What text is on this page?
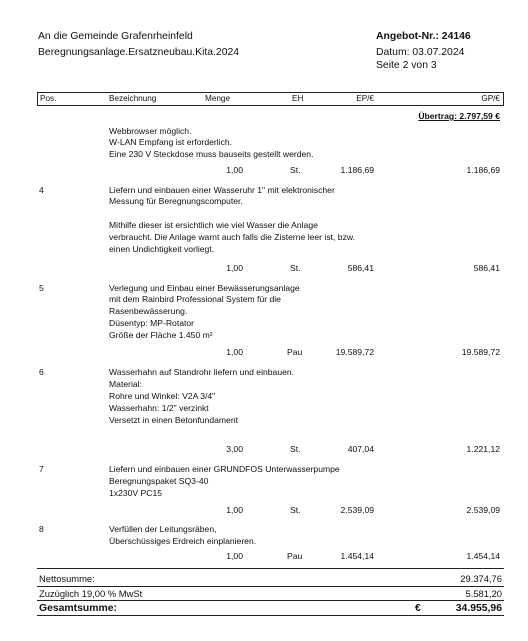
An die Gemeinde Grafenrheinfeld
Beregnungsanlage.Ersatzneubau.Kita.2024
Angebot-Nr.: 24146
Datum: 03.07.2024
Seite 2 von 3
Pos.	Bezeichnung	Menge	EH	EP/€	GP/€
Übertrag: 2.797,59 €
Webbrowser möglich.
W-LAN Empfang ist erforderlich.
Eine 230 V Steckdose muss bauseits gestellt werden.
1,00	St.	1.186,69	1.186,69
4	Liefern und einbauen einer Wasseruhr 1" mit elektronischer
Messung für Beregnungscomputer.
Mithilfe dieser ist ersichtlich wie viel Wasser die Anlage
verbraucht. Die Anlage warnt auch falls die Zisterne leer ist, bzw.
einen Undichtigkeit vorliegt.
1,00	St.	586,41	586,41
5	Verlegung und Einbau einer Bewässerungsanlage
mit dem Rainbird Professional System für die
Rasenbewässerung.
Düsentyp: MP-Rotator
Größe der Fläche 1.450 m²
1,00	Pau	19.589,72	19.589,72
6	Wasserhahn auf Standrohr liefern und einbauen.
Material:
Rohre und Winkel: V2A 3/4"
Wasserhahn: 1/2" verzinkt
Versetzt in einen Betonfundament
3,00	St.	407,04	1.221,12
7	Liefern und einbauen einer GRUNDFOS Unterwasserpumpe
Beregnungspaket SQ3-40
1x230V PC15
1,00	St.	2.539,09	2.539,09
8	Verfüllen der Leitungsräben,
Überschüssiges Erdreich einplanieren.
1,00	Pau	1.454,14	1.454,14
Nettosumme:	29.374,76
Zuzüglich 19,00 % MwSt	5.581,20
Gesamtsumme:	€	34.955,96
